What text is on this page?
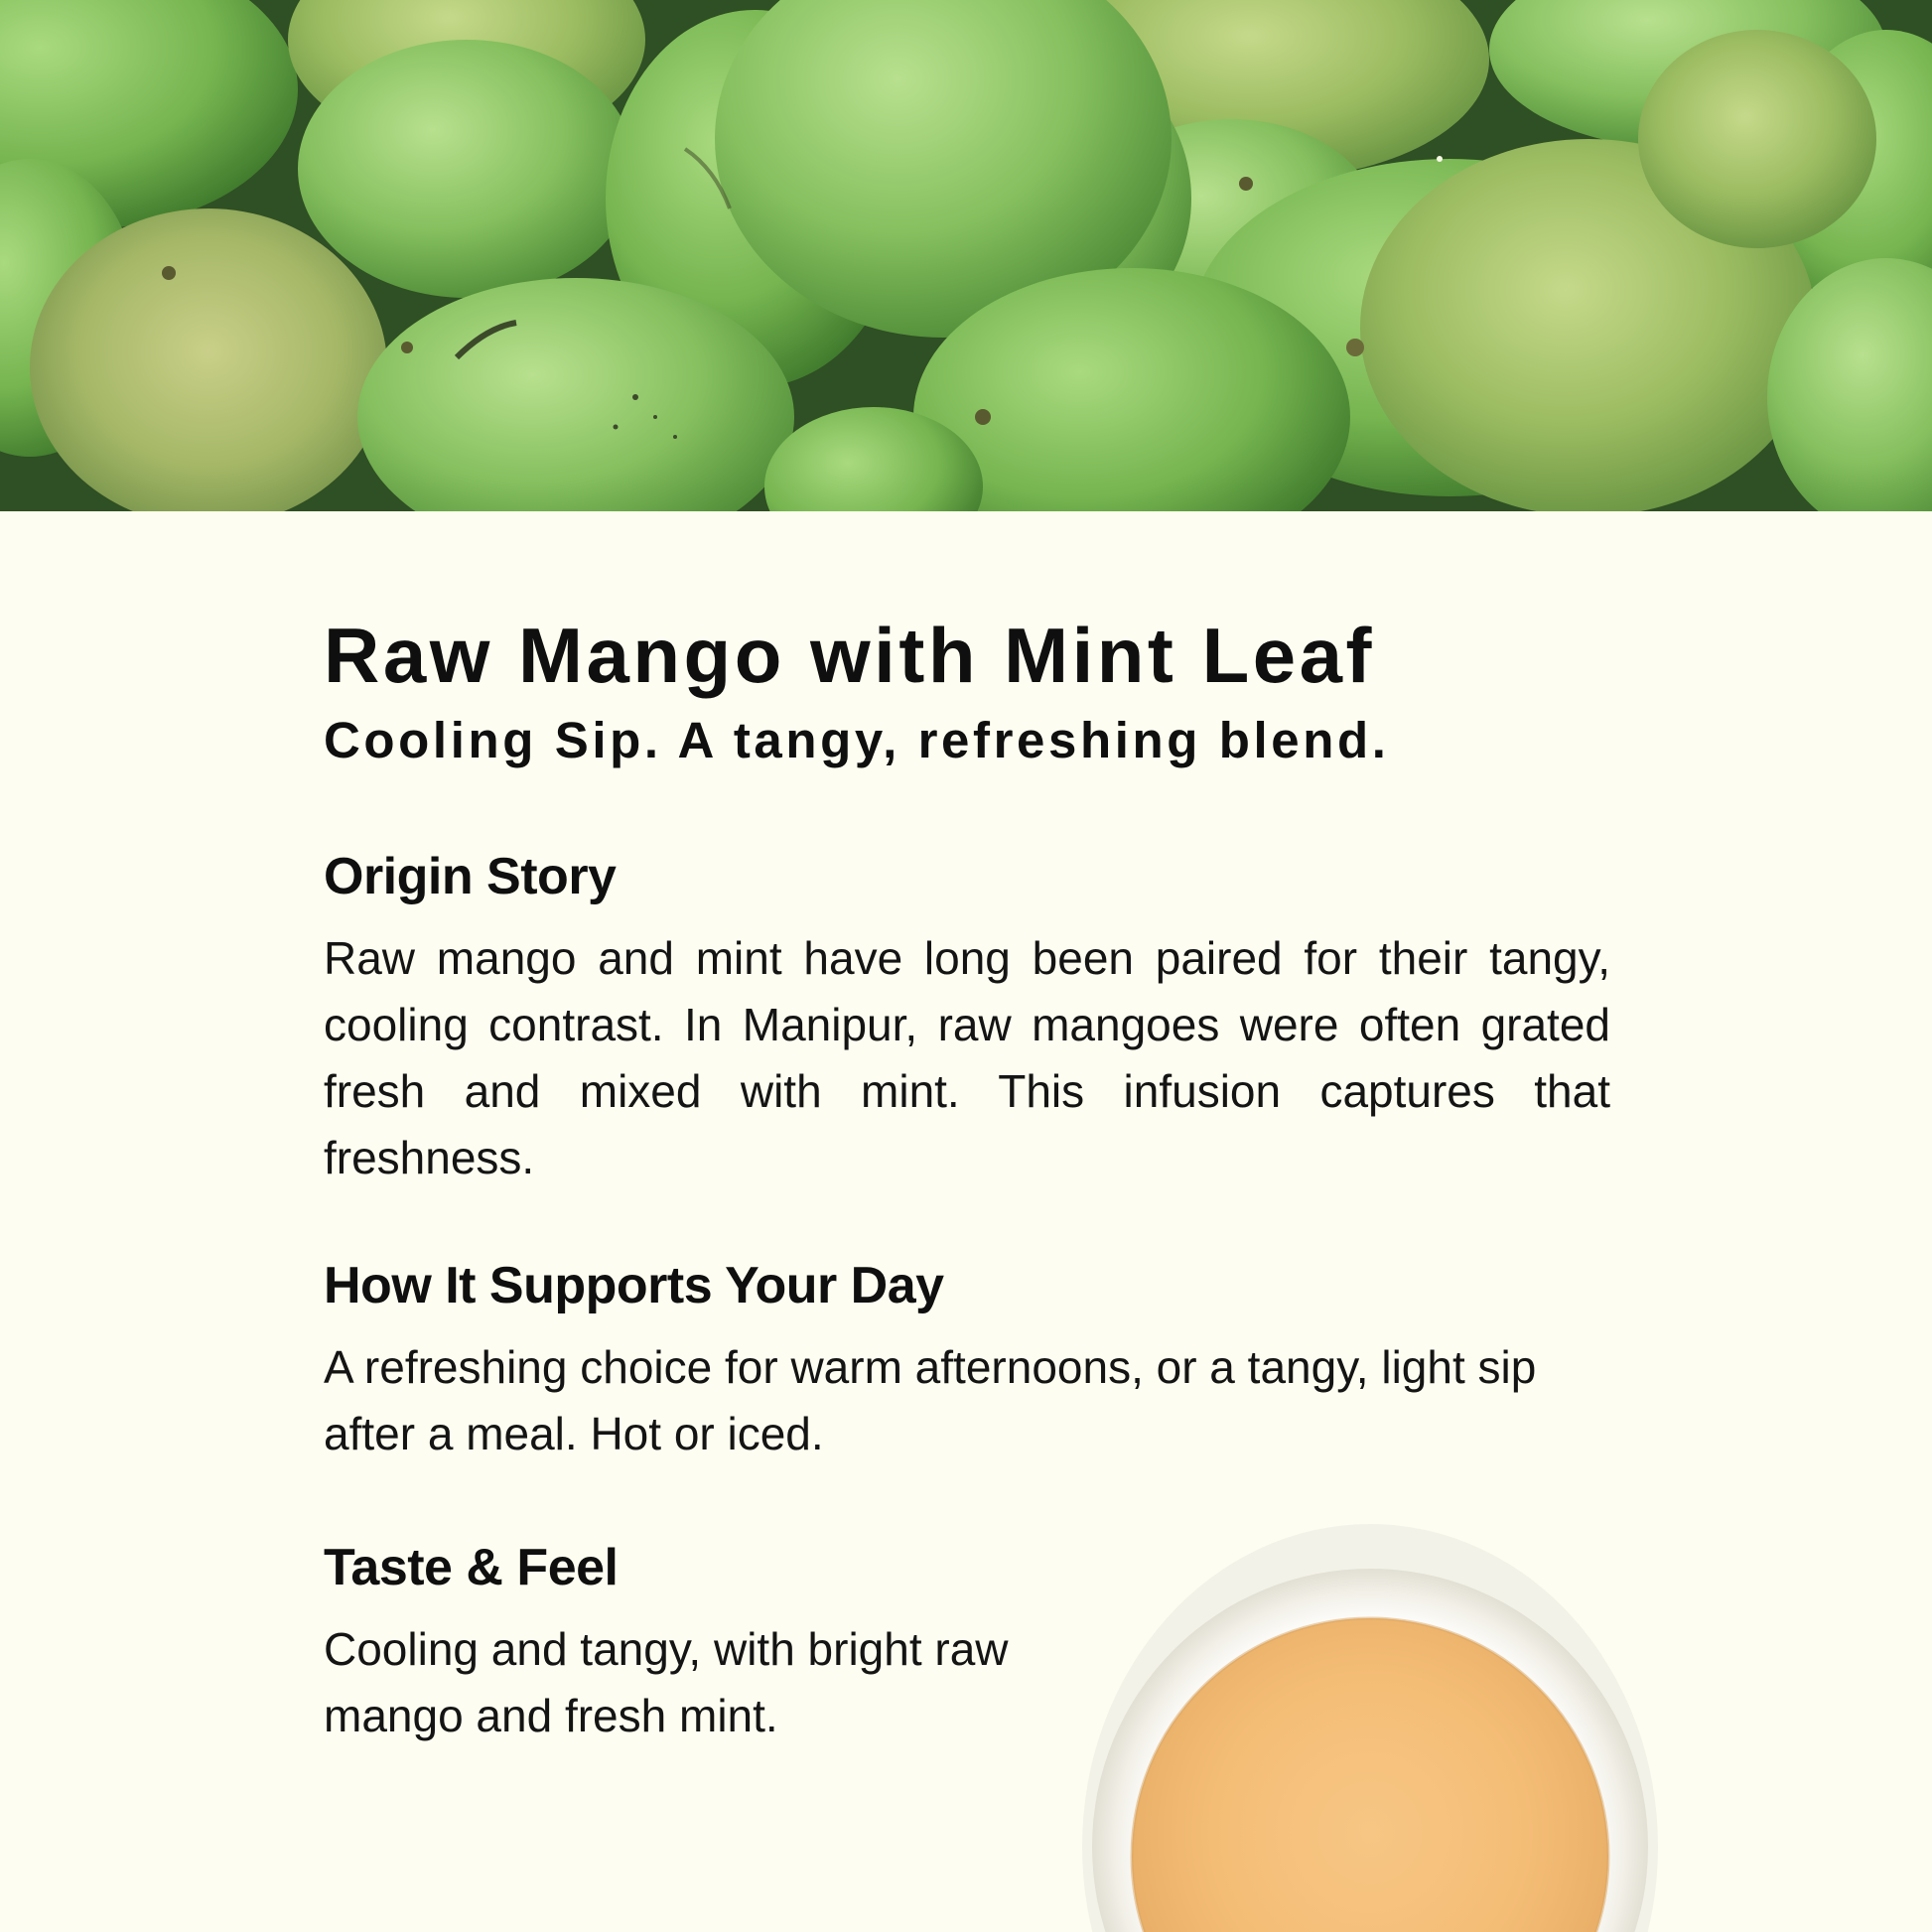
Raw Mango with Mint Leaf

Cooling Sip. A tangy, refreshing blend.

Origin Story

Raw mango and mint have long been paired for their tangy, cooling contrast. In Manipur, raw mangoes were often grated fresh and mixed with mint. This infusion captures that freshness.

How It Supports Your Day

A refreshing choice for warm afternoons, or a tangy, light sip after a meal. Hot or iced.

Taste & Feel

Cooling and tangy, with bright raw mango and fresh mint.
